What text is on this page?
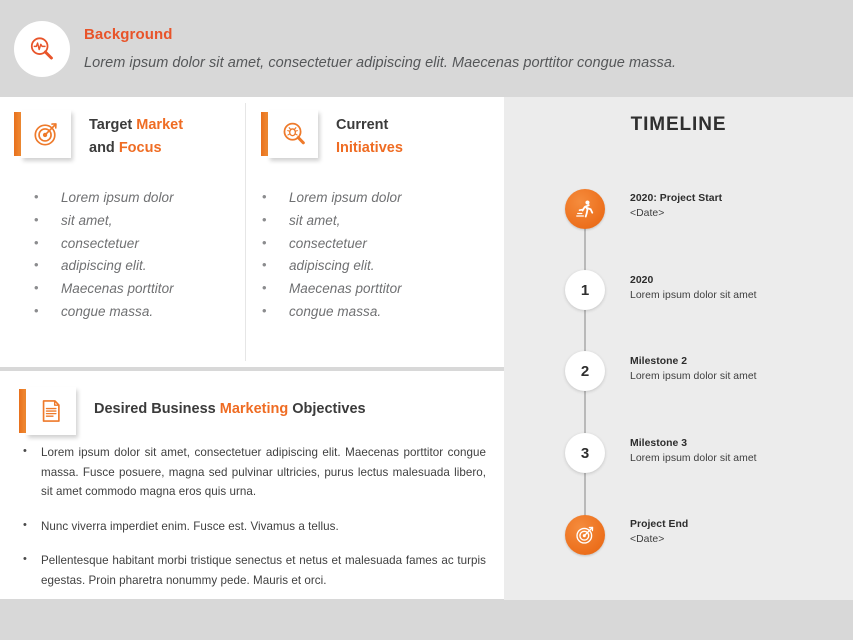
Background
Lorem ipsum dolor sit amet, consectetuer adipiscing elit. Maecenas porttitor congue massa.
Target Market
and Focus
• Lorem ipsum dolor
• sit amet,
• consectetuer
• adipiscing elit.
• Maecenas porttitor
• congue massa.
Current
Initiatives
• Lorem ipsum dolor
• sit amet,
• consectetuer
• adipiscing elit.
• Maecenas porttitor
• congue massa.
Desired Business Marketing Objectives
• Lorem ipsum dolor sit amet, consectetuer adipiscing elit. Maecenas porttitor congue massa. Fusce posuere, magna sed pulvinar ultricies, purus lectus malesuada libero, sit amet commodo magna eros quis urna.
• Nunc viverra imperdiet enim. Fusce est. Vivamus a tellus.
• Pellentesque habitant morbi tristique senectus et netus et malesuada fames ac turpis egestas. Proin pharetra nonummy pede. Mauris et orci.
TIMELINE
2020: Project Start
<Date>
1
2020
Lorem ipsum dolor sit amet
2
Milestone 2
Lorem ipsum dolor sit amet
3
Milestone 3
Lorem ipsum dolor sit amet
Project End
<Date>
